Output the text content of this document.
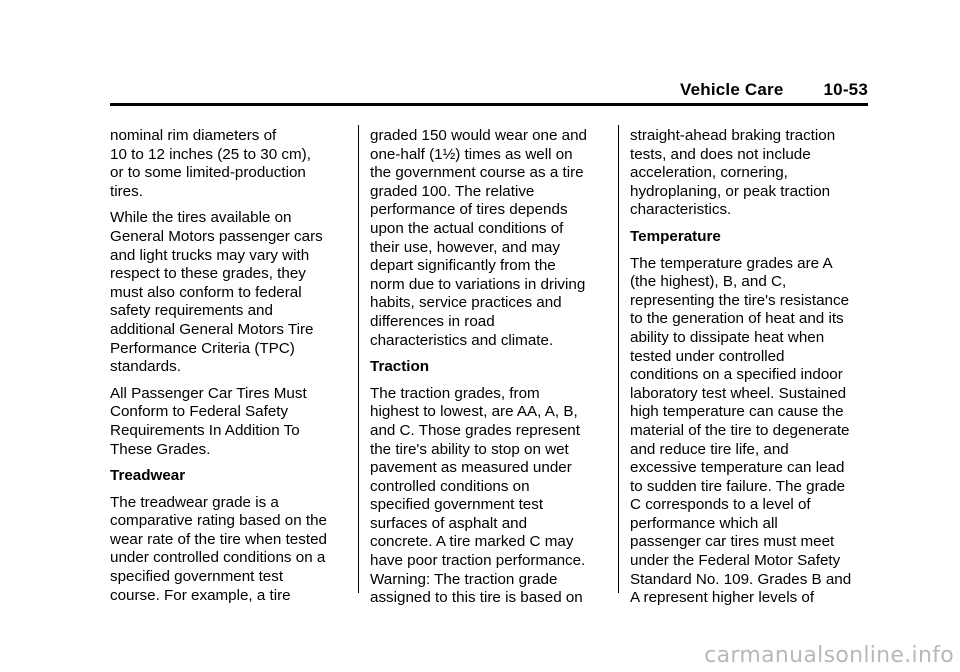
Vehicle Care 10-53

nominal rim diameters of
10 to 12 inches (25 to 30 cm),
or to some limited-production
tires.

While the tires available on
General Motors passenger cars
and light trucks may vary with
respect to these grades, they
must also conform to federal
safety requirements and
additional General Motors Tire
Performance Criteria (TPC)
standards.

All Passenger Car Tires Must
Conform to Federal Safety
Requirements In Addition To
These Grades.

Treadwear

The treadwear grade is a
comparative rating based on the
wear rate of the tire when tested
under controlled conditions on a
specified government test
course. For example, a tire

graded 150 would wear one and
one-half (1½) times as well on
the government course as a tire
graded 100. The relative
performance of tires depends
upon the actual conditions of
their use, however, and may
depart significantly from the
norm due to variations in driving
habits, service practices and
differences in road
characteristics and climate.

Traction

The traction grades, from
highest to lowest, are AA, A, B,
and C. Those grades represent
the tire's ability to stop on wet
pavement as measured under
controlled conditions on
specified government test
surfaces of asphalt and
concrete. A tire marked C may
have poor traction performance.
Warning: The traction grade
assigned to this tire is based on

straight-ahead braking traction
tests, and does not include
acceleration, cornering,
hydroplaning, or peak traction
characteristics.

Temperature

The temperature grades are A
(the highest), B, and C,
representing the tire's resistance
to the generation of heat and its
ability to dissipate heat when
tested under controlled
conditions on a specified indoor
laboratory test wheel. Sustained
high temperature can cause the
material of the tire to degenerate
and reduce tire life, and
excessive temperature can lead
to sudden tire failure. The grade
C corresponds to a level of
performance which all
passenger car tires must meet
under the Federal Motor Safety
Standard No. 109. Grades B and
A represent higher levels of

carmanualsonline.info
